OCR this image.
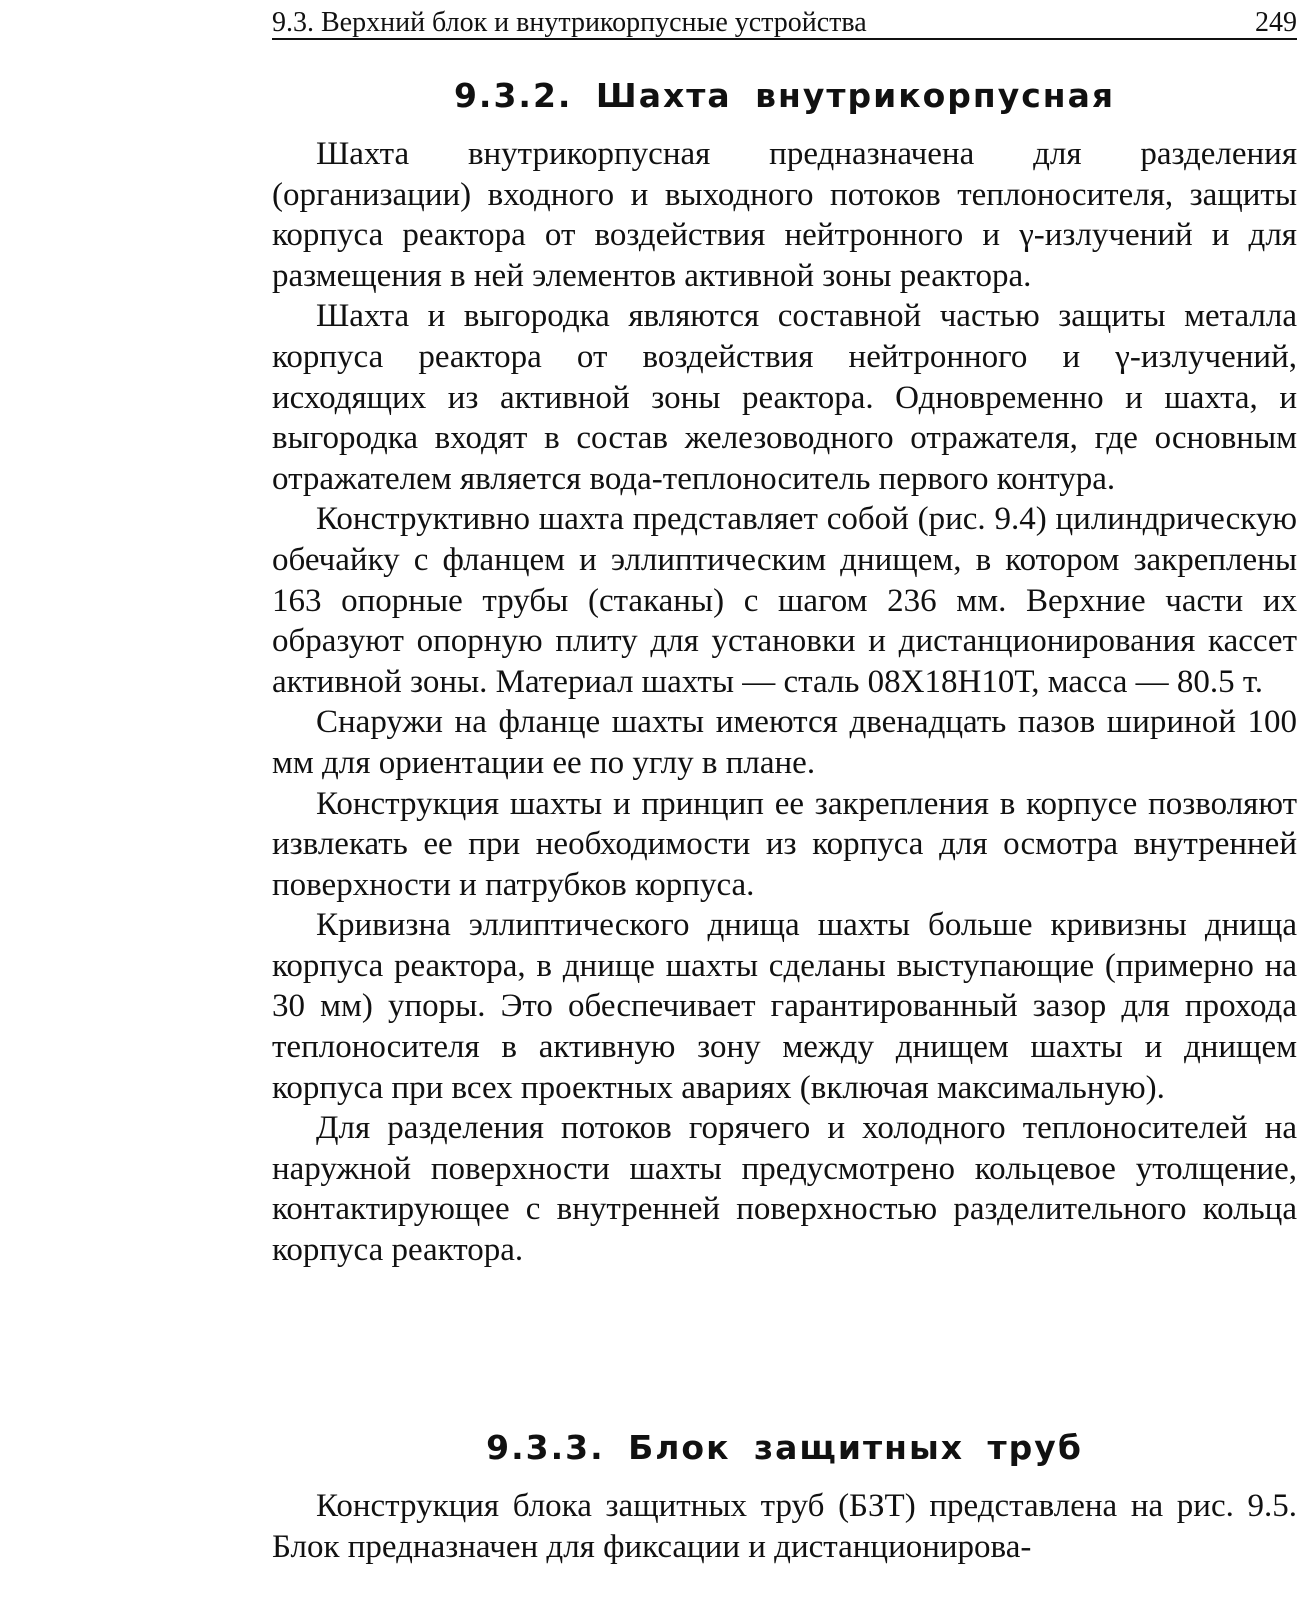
9.3. Верхний блок и внутрикорпусные устройства	249
9.3.2. Шахта внутрикорпусная

Шахта внутрикорпусная предназначена для разделения (организации) входного и выходного потоков теплоносителя, защиты корпуса реактора от воздействия нейтронного и γ-излучений и для размещения в ней элементов активной зоны реактора.

Шахта и выгородка являются составной частью защиты металла корпуса реактора от воздействия нейтронного и γ-излучений, исходящих из активной зоны реактора. Одновременно и шахта, и выгородка входят в состав железоводного отражателя, где основным отражателем является вода-теплоноситель первого контура.

Конструктивно шахта представляет собой (рис. 9.4) цилиндрическую обечайку с фланцем и эллиптическим днищем, в котором закреплены 163 опорные трубы (стаканы) с шагом 236 мм. Верхние части их образуют опорную плиту для установки и дистанционирования кассет активной зоны. Материал шахты — сталь 08Х18Н10Т, масса — 80.5 т.

Снаружи на фланце шахты имеются двенадцать пазов шириной 100 мм для ориентации ее по углу в плане.

Конструкция шахты и принцип ее закрепления в корпусе позволяют извлекать ее при необходимости из корпуса для осмотра внутренней поверхности и патрубков корпуса.

Кривизна эллиптического днища шахты больше кривизны днища корпуса реактора, в днище шахты сделаны выступающие (примерно на 30 мм) упоры. Это обеспечивает гарантированный зазор для прохода теплоносителя в активную зону между днищем шахты и днищем корпуса при всех проектных авариях (включая максимальную).

Для разделения потоков горячего и холодного теплоносителей на наружной поверхности шахты предусмотрено кольцевое утолщение, контактирующее с внутренней поверхностью разделительного кольца корпуса реактора.

9.3.3. Блок защитных труб

Конструкция блока защитных труб (БЗТ) представлена на рис. 9.5. Блок предназначен для фиксации и дистанционирова-
